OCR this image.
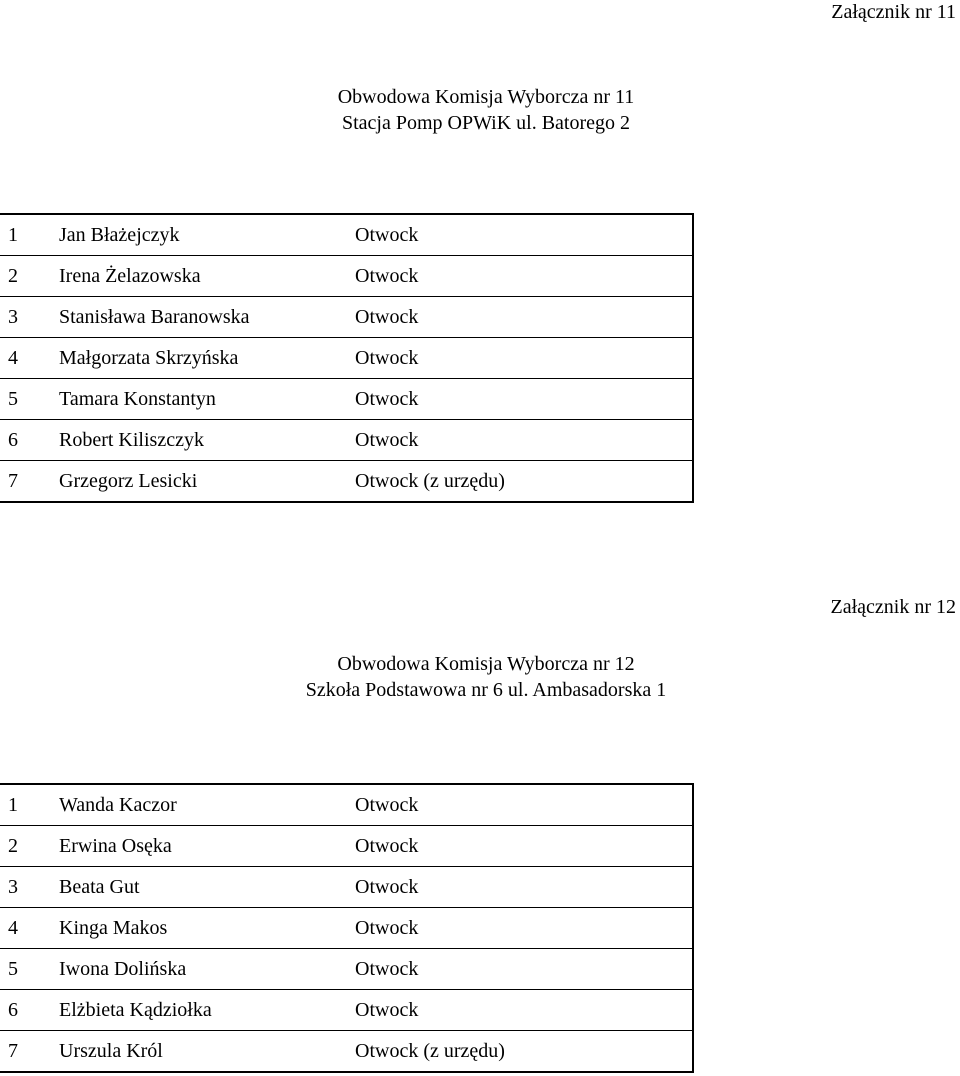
Załącznik nr 11
Obwodowa Komisja Wyborcza nr 11
Stacja Pomp OPWiK ul. Batorego 2
1	Jan Błażejczyk	Otwock
2	Irena Żelazowska	Otwock
3	Stanisława Baranowska	Otwock
4	Małgorzata Skrzyńska	Otwock
5	Tamara Konstantyn	Otwock
6	Robert Kiliszczyk	Otwock
7	Grzegorz Lesicki	Otwock (z urzędu)
Załącznik nr 12
Obwodowa Komisja Wyborcza nr 12
Szkoła Podstawowa nr 6 ul. Ambasadorska 1
1	Wanda Kaczor	Otwock
2	Erwina Osęka	Otwock
3	Beata Gut	Otwock
4	Kinga Makos	Otwock
5	Iwona Dolińska	Otwock
6	Elżbieta Kądziołka	Otwock
7	Urszula Król	Otwock (z urzędu)
